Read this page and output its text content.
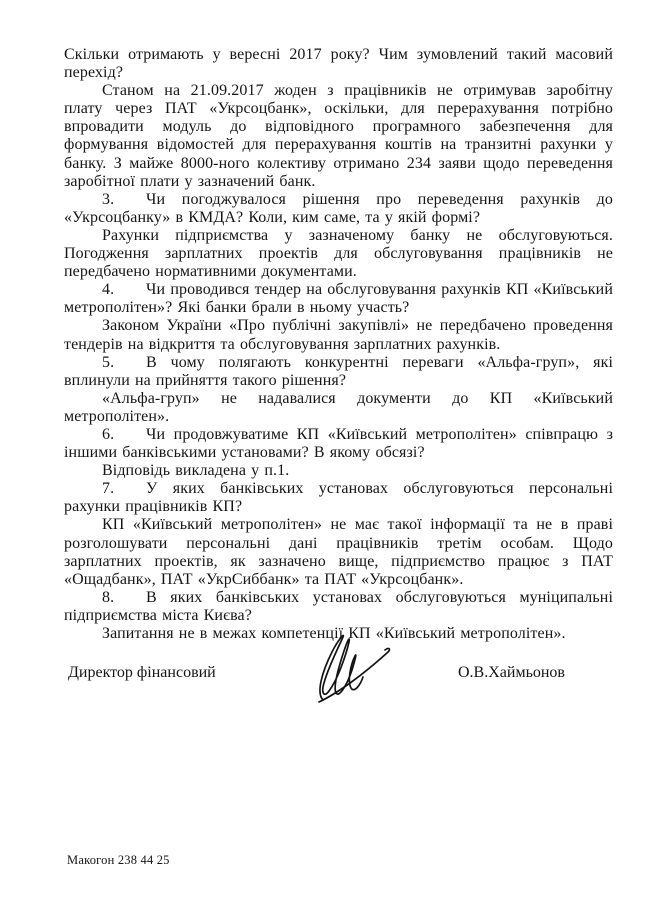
Скільки отримають у вересні 2017 року? Чим зумовлений такий масовий перехід?

Станом на 21.09.2017 жоден з працівників не отримував заробітну плату через ПАТ «Укрсоцбанк», оскільки, для перерахування потрібно впровадити модуль до відповідного програмного забезпечення для формування відомостей для перерахування коштів на транзитні рахунки у банку. З майже 8000-ного колективу отримано 234 заяви щодо переведення заробітної плати у зазначений банк.

3. Чи погоджувалося рішення про переведення рахунків до «Укрсоцбанку» в КМДА? Коли, ким саме, та у якій формі?

Рахунки підприємства у зазначеному банку не обслуговуються. Погодження зарплатних проектів для обслуговування працівників не передбачено нормативними документами.

4. Чи проводився тендер на обслуговування рахунків КП «Київський метрополітен»? Які банки брали в ньому участь?

Законом України «Про публічні закупівлі» не передбачено проведення тендерів на відкриття та обслуговування зарплатних рахунків.

5. В чому полягають конкурентні переваги «Альфа-груп», які вплинули на прийняття такого рішення?

«Альфа-груп» не надавалися документи до КП «Київський метрополітен».

6. Чи продовжуватиме КП «Київський метрополітен» співпрацю з іншими банківськими установами? В якому обсязі?

Відповідь викладена у п.1.

7. У яких банківських установах обслуговуються персональні рахунки працівників КП?

КП «Київський метрополітен» не має такої інформації та не в праві розголошувати персональні дані працівників третім особам. Щодо зарплатних проектів, як зазначено вище, підприємство працює з ПАТ «Ощадбанк», ПАТ «УкрСиббанк» та ПАТ «Укрсоцбанк».

8. В яких банківських установах обслуговуються муніципальні підприємства міста Києва?

Запитання не в межах компетенції КП «Київський метрополітен».

Директор фінансовий	О.В.Хаймьонов
Макогон 238 44 25
